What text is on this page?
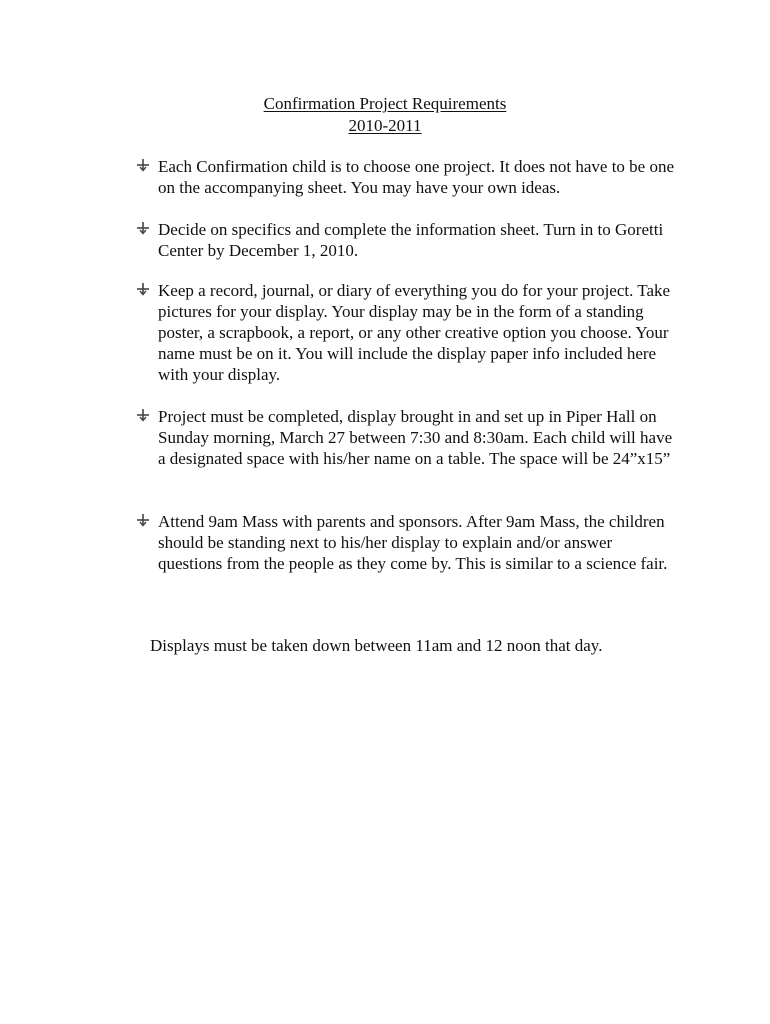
Confirmation Project Requirements
2010-2011
Each Confirmation child is to choose one project. It does not have to be one on the accompanying sheet. You may have your own ideas.
Decide on specifics and complete the information sheet. Turn in to Goretti Center by December 1, 2010.
Keep a record, journal, or diary of everything you do for your project. Take pictures for your display. Your display may be in the form of a standing poster, a scrapbook, a report, or any other creative option you choose. Your name must be on it. You will include the display paper info included here with your display.
Project must be completed, display brought in and set up in Piper Hall on Sunday morning, March 27 between 7:30 and 8:30am. Each child will have a designated space with his/her name on a table. The space will be 24”x15”
Attend 9am Mass with parents and sponsors. After 9am Mass, the children should be standing next to his/her display to explain and/or answer questions from the people as they come by. This is similar to a science fair.
Displays must be taken down between 11am and 12 noon that day.
